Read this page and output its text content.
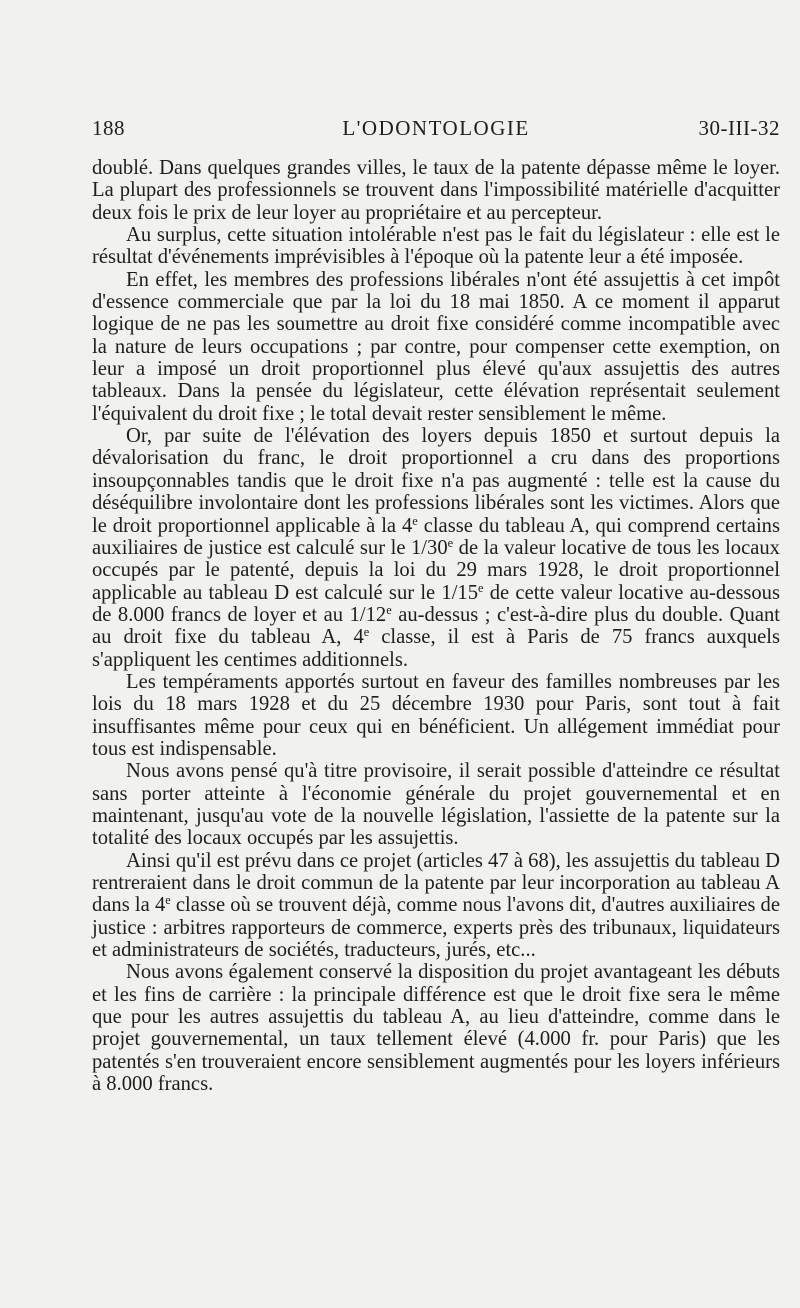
188	L'ODONTOLOGIE	30-III-32

doublé. Dans quelques grandes villes, le taux de la patente dépasse même le loyer. La plupart des professionnels se trouvent dans l'impossibilité matérielle d'acquitter deux fois le prix de leur loyer au propriétaire et au percepteur.

Au surplus, cette situation intolérable n'est pas le fait du législateur : elle est le résultat d'événements imprévisibles à l'époque où la patente leur a été imposée.

En effet, les membres des professions libérales n'ont été assujettis à cet impôt d'essence commerciale que par la loi du 18 mai 1850. A ce moment il apparut logique de ne pas les soumettre au droit fixe considéré comme incompatible avec la nature de leurs occupations ; par contre, pour compenser cette exemption, on leur a imposé un droit proportionnel plus élevé qu'aux assujettis des autres tableaux. Dans la pensée du législateur, cette élévation représentait seulement l'équivalent du droit fixe ; le total devait rester sensiblement le même.

Or, par suite de l'élévation des loyers depuis 1850 et surtout depuis la dévalorisation du franc, le droit proportionnel a cru dans des proportions insoupçonnables tandis que le droit fixe n'a pas augmenté : telle est la cause du déséquilibre involontaire dont les professions libérales sont les victimes. Alors que le droit proportionnel applicable à la 4e classe du tableau A, qui comprend certains auxiliaires de justice est calculé sur le 1/30e de la valeur locative de tous les locaux occupés par le patenté, depuis la loi du 29 mars 1928, le droit proportionnel applicable au tableau D est calculé sur le 1/15e de cette valeur locative au-dessous de 8.000 francs de loyer et au 1/12e au-dessus ; c'est-à-dire plus du double. Quant au droit fixe du tableau A, 4e classe, il est à Paris de 75 francs auxquels s'appliquent les centimes additionnels.

Les tempéraments apportés surtout en faveur des familles nombreuses par les lois du 18 mars 1928 et du 25 décembre 1930 pour Paris, sont tout à fait insuffisantes même pour ceux qui en bénéficient. Un allégement immédiat pour tous est indispensable.

Nous avons pensé qu'à titre provisoire, il serait possible d'atteindre ce résultat sans porter atteinte à l'économie générale du projet gouvernemental et en maintenant, jusqu'au vote de la nouvelle législation, l'assiette de la patente sur la totalité des locaux occupés par les assujettis.

Ainsi qu'il est prévu dans ce projet (articles 47 à 68), les assujettis du tableau D rentreraient dans le droit commun de la patente par leur incorporation au tableau A dans la 4e classe où se trouvent déjà, comme nous l'avons dit, d'autres auxiliaires de justice : arbitres rapporteurs de commerce, experts près des tribunaux, liquidateurs et administrateurs de sociétés, traducteurs, jurés, etc...

Nous avons également conservé la disposition du projet avantageant les débuts et les fins de carrière : la principale différence est que le droit fixe sera le même que pour les autres assujettis du tableau A, au lieu d'atteindre, comme dans le projet gouvernemental, un taux tellement élevé (4.000 fr. pour Paris) que les patentés s'en trouveraient encore sensiblement augmentés pour les loyers inférieurs à 8.000 francs.
